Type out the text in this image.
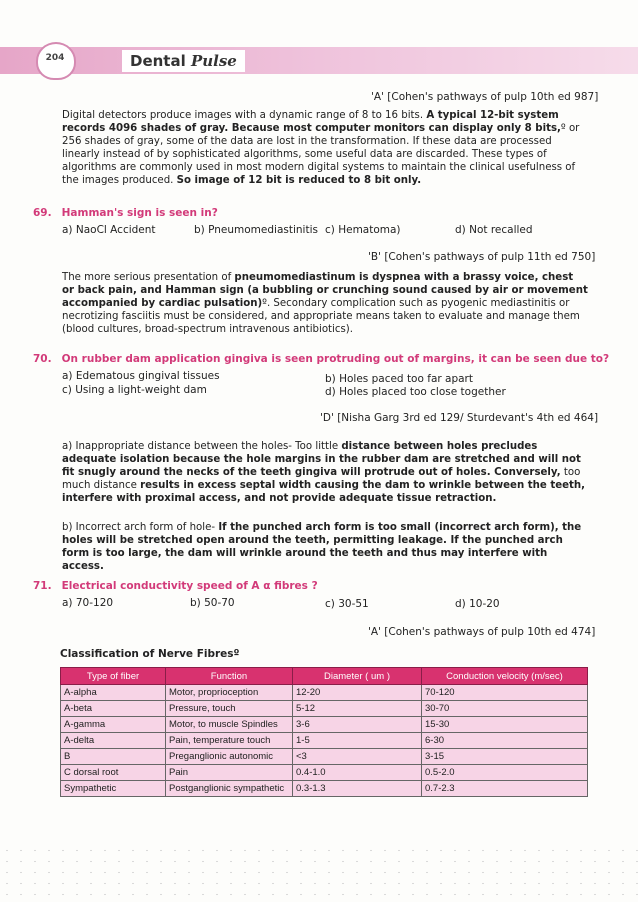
204	Dental Pulse
'A' [Cohen's pathways of pulp 10th ed 987]
Digital detectors produce images with a dynamic range of 8 to 16 bits. A typical 12-bit system records 4096 shades of gray. Because most computer monitors can display only 8 bits,º or 256 shades of gray, some of the data are lost in the transformation. If these data are processed linearly instead of by sophisticated algorithms, some useful data are discarded. These types of algorithms are commonly used in most modern digital systems to maintain the clinical usefulness of the images produced. So image of 12 bit is reduced to 8 bit only.
69. Hamman's sign is seen in?
a) NaoCl Accident	b) Pneumomediastinitis c) Hematoma)	d) Not recalled
'B' [Cohen's pathways of pulp 11th ed 750]
The more serious presentation of pneumomediastinum is dyspnea with a brassy voice, chest or back pain, and Hamman sign (a bubbling or crunching sound caused by air or movement accompanied by cardiac pulsation)º. Secondary complication such as pyogenic mediastinitis or necrotizing fasciitis must be considered, and appropriate means taken to evaluate and manage them (blood cultures, broad-spectrum intravenous antibiotics).
70. On rubber dam application gingiva is seen protruding out of margins, it can be seen due to?
a) Edematous gingival tissues	b) Holes paced too far apart
c) Using a light-weight dam	d) Holes placed too close together
'D' [Nisha Garg 3rd ed 129/ Sturdevant's 4th ed 464]
a) Inappropriate distance between the holes- Too little distance between holes precludes adequate isolation because the hole margins in the rubber dam are stretched and will not fit snugly around the necks of the teeth gingiva will protrude out of holes. Conversely, too much distance results in excess septal width causing the dam to wrinkle between the teeth, interfere with proximal access, and not provide adequate tissue retraction.
b) Incorrect arch form of hole- If the punched arch form is too small (incorrect arch form), the holes will be stretched open around the teeth, permitting leakage. If the punched arch form is too large, the dam will wrinkle around the teeth and thus may interfere with access.
71. Electrical conductivity speed of A α fibres ?
a) 70-120	b) 50-70	c) 30-51	d) 10-20
'A' [Cohen's pathways of pulp 10th ed 474]
Classification of Nerve Fibresº
Type of fiber	Function	Diameter ( um )	Conduction velocity (m/sec)
A-alpha	Motor, proprioception	12-20	70-120
A-beta	Pressure, touch	5-12	30-70
A-gamma	Motor, to muscle Spindles	3-6	15-30
A-delta	Pain, temperature touch	1-5	6-30
B	Preganglionic autonomic	<3	3-15
C dorsal root	Pain	0.4-1.0	0.5-2.0
Sympathetic	Postganglionic sympathetic	0.3-1.3	0.7-2.3
